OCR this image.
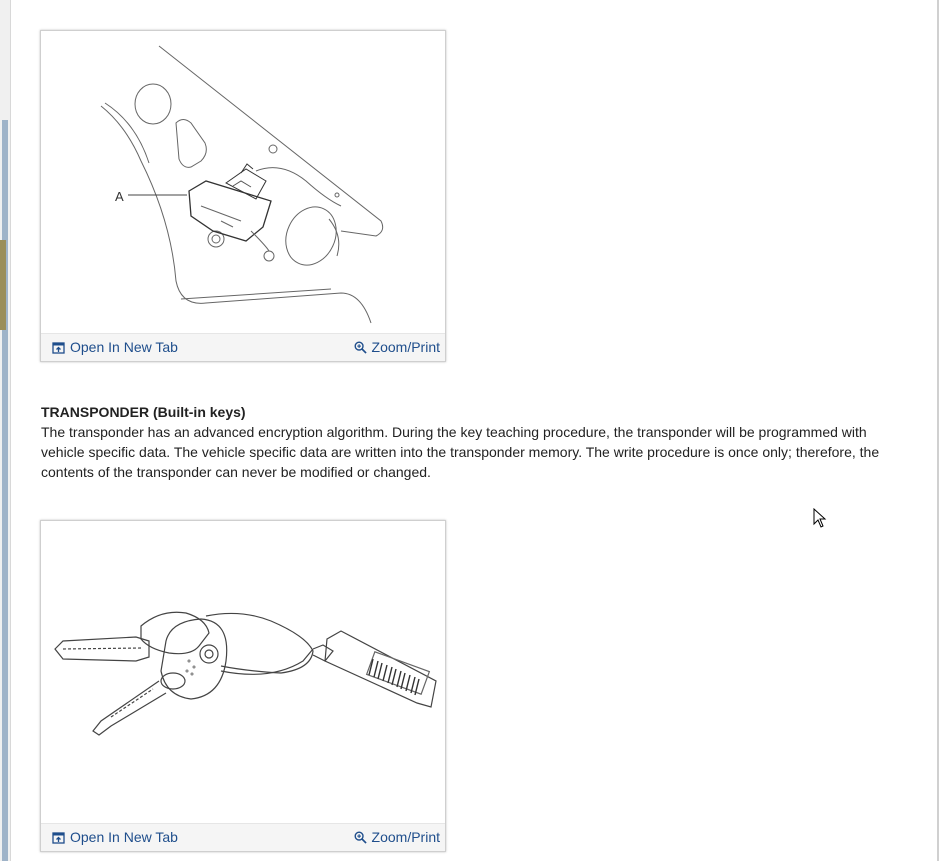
A
Open In New Tab	Zoom/Print
TRANSPONDER (Built-in keys)
The transponder has an advanced encryption algorithm. During the key teaching procedure, the transponder will be programmed with vehicle specific data. The vehicle specific data are written into the transponder memory. The write procedure is once only; therefore, the contents of the transponder can never be modified or changed.
Open In New Tab	Zoom/Print
